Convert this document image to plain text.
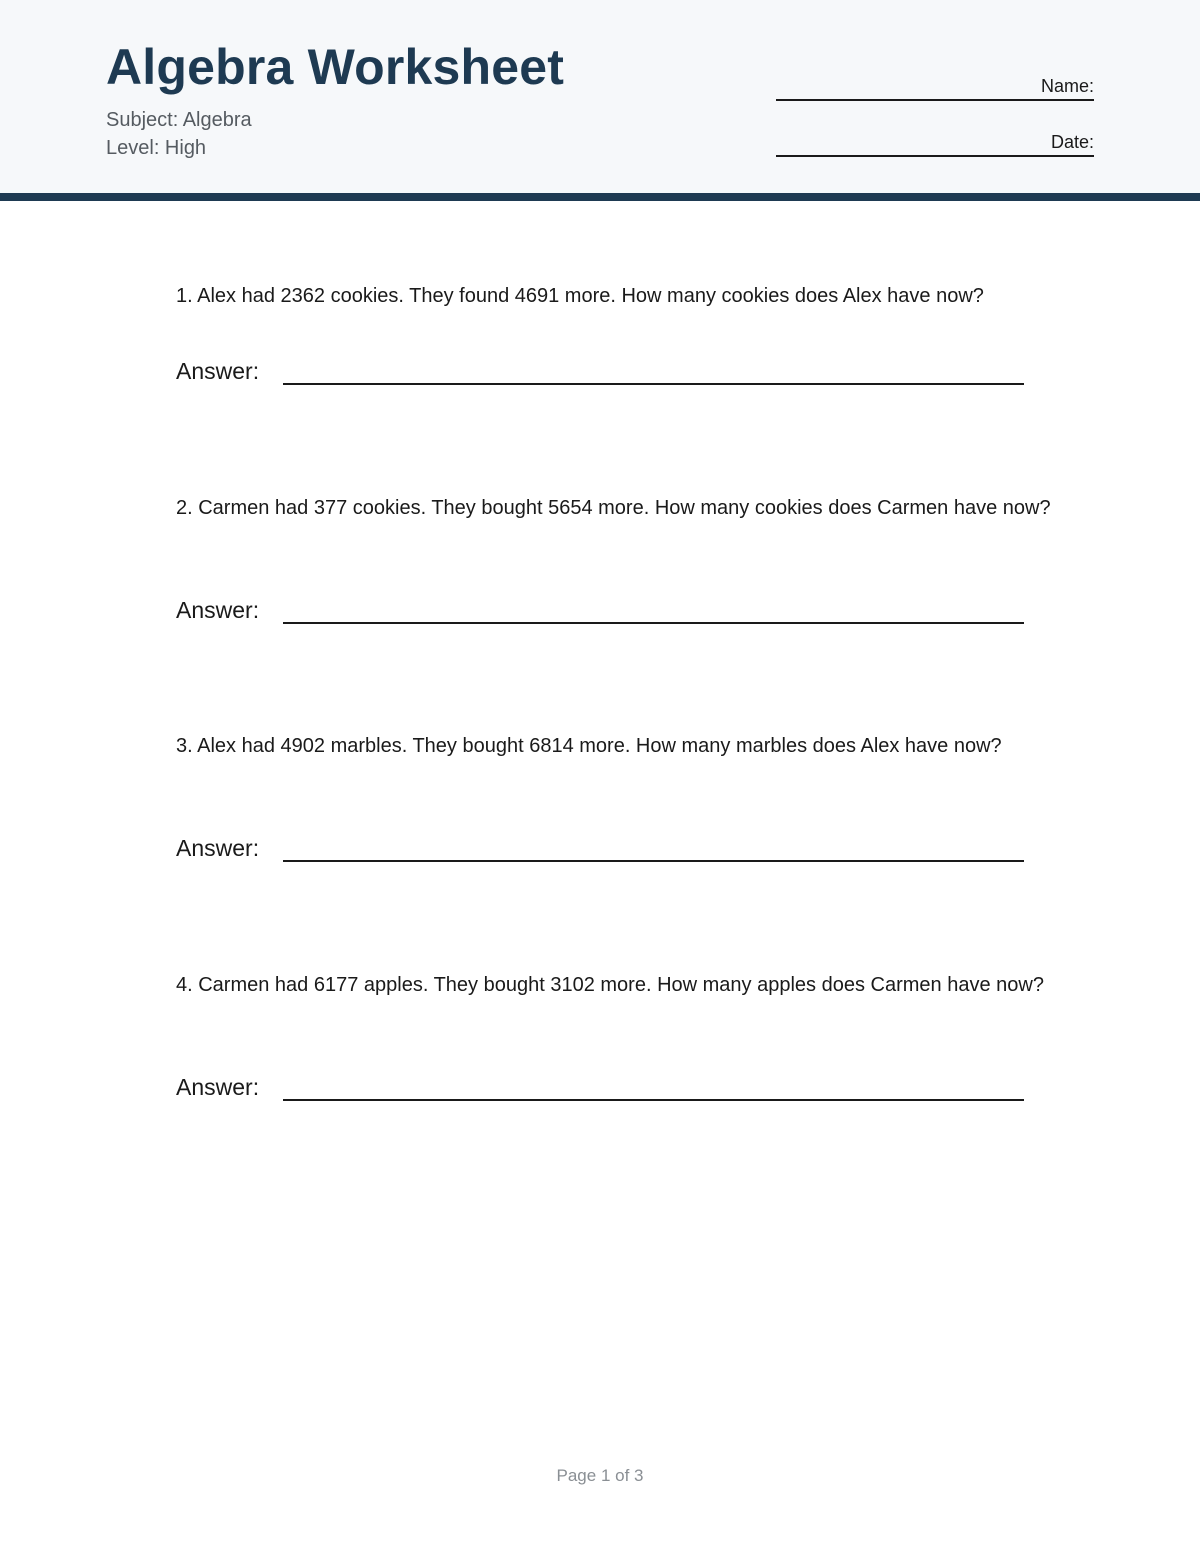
Algebra Worksheet
Subject: Algebra
Level: High
Name:
Date:

1. Alex had 2362 cookies. They found 4691 more. How many cookies does Alex have now?

Answer:

2. Carmen had 377 cookies. They bought 5654 more. How many cookies does Carmen have now?

Answer:

3. Alex had 4902 marbles. They bought 6814 more. How many marbles does Alex have now?

Answer:

4. Carmen had 6177 apples. They bought 3102 more. How many apples does Carmen have now?

Answer:
Page 1 of 3
